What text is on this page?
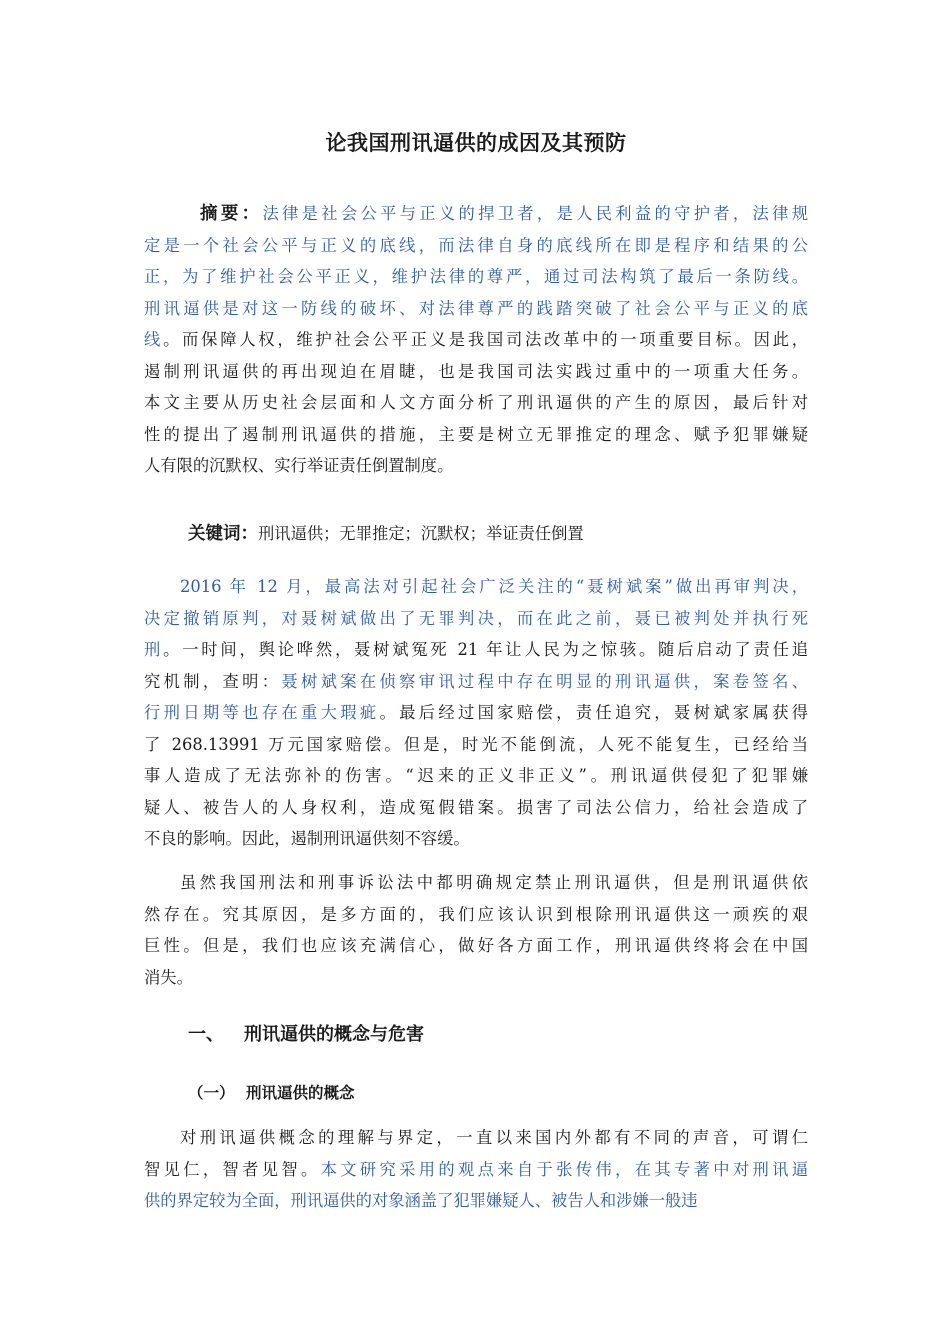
论我国刑讯逼供的成因及其预防
摘要：法律是社会公平与正义的捍卫者，是人民利益的守护者，法律规
定是一个社会公平与正义的底线，而法律自身的底线所在即是程序和结果的公
正，为了维护社会公平正义，维护法律的尊严，通过司法构筑了最后一条防线。
刑讯逼供是对这一防线的破坏、对法律尊严的践踏突破了社会公平与正义的底
线。而保障人权，维护社会公平正义是我国司法改革中的一项重要目标。因此，
遏制刑讯逼供的再出现迫在眉睫，也是我国司法实践过重中的一项重大任务。
本文主要从历史社会层面和人文方面分析了刑讯逼供的产生的原因，最后针对
性的提出了遏制刑讯逼供的措施，主要是树立无罪推定的理念、赋予犯罪嫌疑
人有限的沉默权、实行举证责任倒置制度。
关键词：刑讯逼供；无罪推定；沉默权；举证责任倒置
2016 年 12 月，最高法对引起社会广泛关注的“聂树斌案”做出再审判决，
决定撤销原判，对聂树斌做出了无罪判决，而在此之前，聂已被判处并执行死
刑。一时间，舆论哗然，聂树斌冤死 21 年让人民为之惊骇。随后启动了责任追
究机制，查明：聂树斌案在侦察审讯过程中存在明显的刑讯逼供，案卷签名、
行刑日期等也存在重大瑕疵。最后经过国家赔偿，责任追究，聂树斌家属获得
了 268.13991 万元国家赔偿。但是，时光不能倒流，人死不能复生，已经给当
事人造成了无法弥补的伤害。“迟来的正义非正义”。刑讯逼供侵犯了犯罪嫌
疑人、被告人的人身权利，造成冤假错案。损害了司法公信力，给社会造成了
不良的影响。因此，遏制刑讯逼供刻不容缓。
虽然我国刑法和刑事诉讼法中都明确规定禁止刑讯逼供，但是刑讯逼供依
然存在。究其原因，是多方面的，我们应该认识到根除刑讯逼供这一顽疾的艰
巨性。但是，我们也应该充满信心，做好各方面工作，刑讯逼供终将会在中国
消失。
一、 刑讯逼供的概念与危害
（一） 刑讯逼供的概念
对刑讯逼供概念的理解与界定，一直以来国内外都有不同的声音，可谓仁
智见仁，智者见智。本文研究采用的观点来自于张传伟，在其专著中对刑讯逼
供的界定较为全面，刑讯逼供的对象涵盖了犯罪嫌疑人、被告人和涉嫌一般违
